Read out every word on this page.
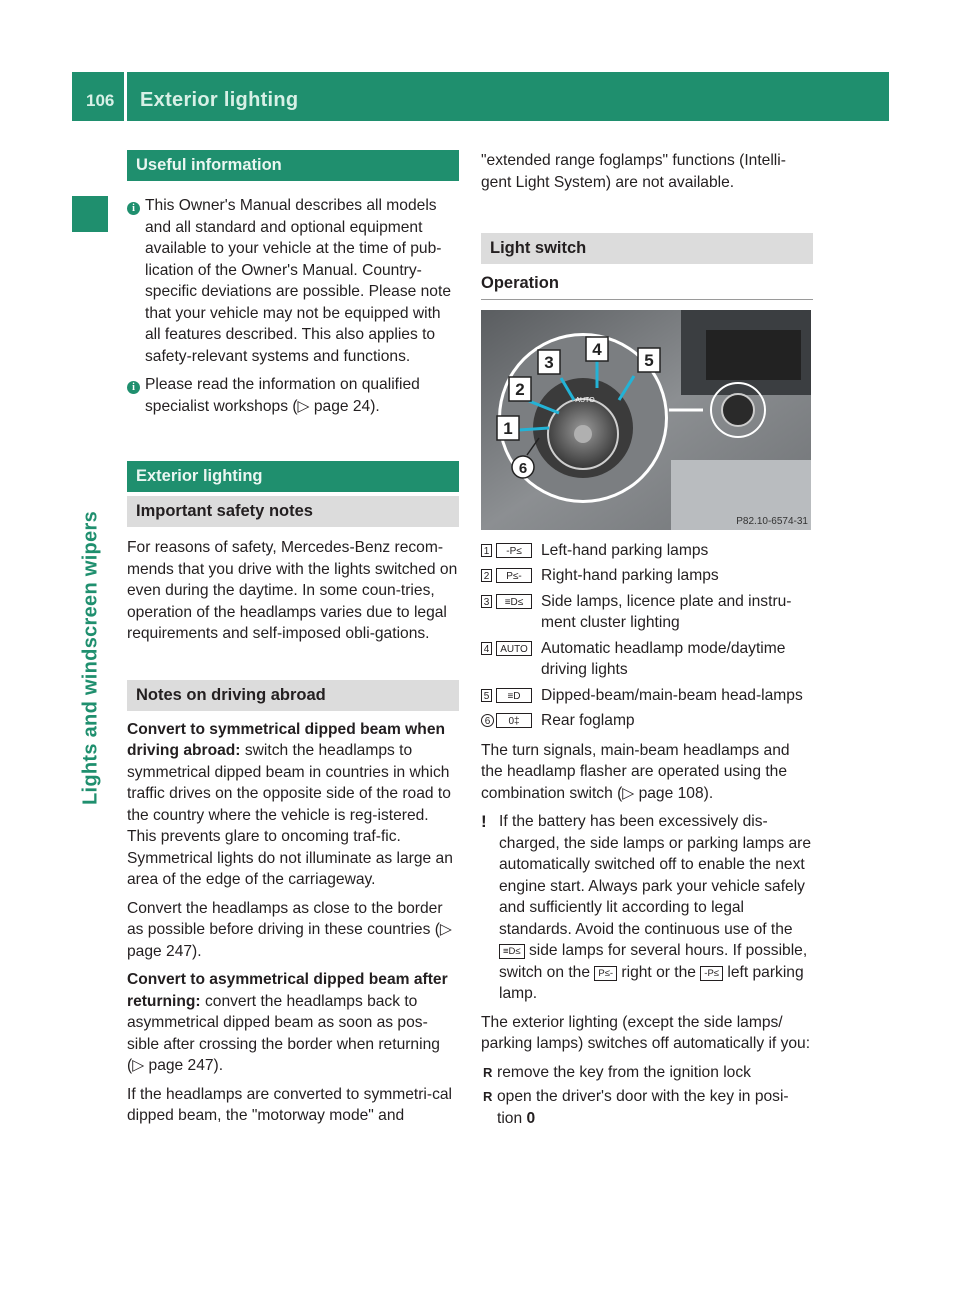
106 Exterior lighting
Lights and windscreen wipers
Useful information
i This Owner's Manual describes all models and all standard and optional equipment available to your vehicle at the time of pub-lication of the Owner's Manual. Country-specific deviations are possible. Please note that your vehicle may not be equipped with all features described. This also applies to safety-relevant systems and functions.
i Please read the information on qualified specialist workshops (▷ page 24).
Exterior lighting
Important safety notes

For reasons of safety, Mercedes-Benz recom-mends that you drive with the lights switched on even during the daytime. In some coun-tries, operation of the headlamps varies due to legal requirements and self-imposed obli-gations.

Notes on driving abroad

Convert to symmetrical dipped beam when driving abroad: switch the headlamps to symmetrical dipped beam in countries in which traffic drives on the opposite side of the road to the country where the vehicle is reg-istered. This prevents glare to oncoming traf-fic. Symmetrical lights do not illuminate as large an area of the edge of the carriageway.

Convert the headlamps as close to the border as possible before driving in these countries (▷ page 247).

Convert to asymmetrical dipped beam after returning: convert the headlamps back to asymmetrical dipped beam as soon as pos-sible after crossing the border when returning (▷ page 247).

If the headlamps are converted to symmetri-cal dipped beam, the "motorway mode" and

"extended range foglamps" functions (Intelli-gent Light System) are not available.

Light switch
Operation
AUTO
3
4
5
2
1
6
P82.10-6574-31
1	-P≤	Left-hand parking lamps
2	P≤-	Right-hand parking lamps
3	≡D≤	Side lamps, licence plate and instru-ment cluster lighting
4	AUTO Automatic headlamp mode/daytime driving lights
5	≡D	Dipped-beam/main-beam head-lamps
6	0‡	Rear foglamp

The turn signals, main-beam headlamps and the headlamp flasher are operated using the combination switch (▷ page 108).

! If the battery has been excessively dis-charged, the side lamps or parking lamps are automatically switched off to enable the next engine start. Always park your vehicle safely and sufficiently lit according to legal standards. Avoid the continuous use of the ≡D≤ side lamps for several hours. If possible, switch on the P≤- right or the -P≤ left parking lamp.

The exterior lighting (except the side lamps/ parking lamps) switches off automatically if you:

R remove the key from the ignition lock
R open the driver's door with the key in posi-tion 0
